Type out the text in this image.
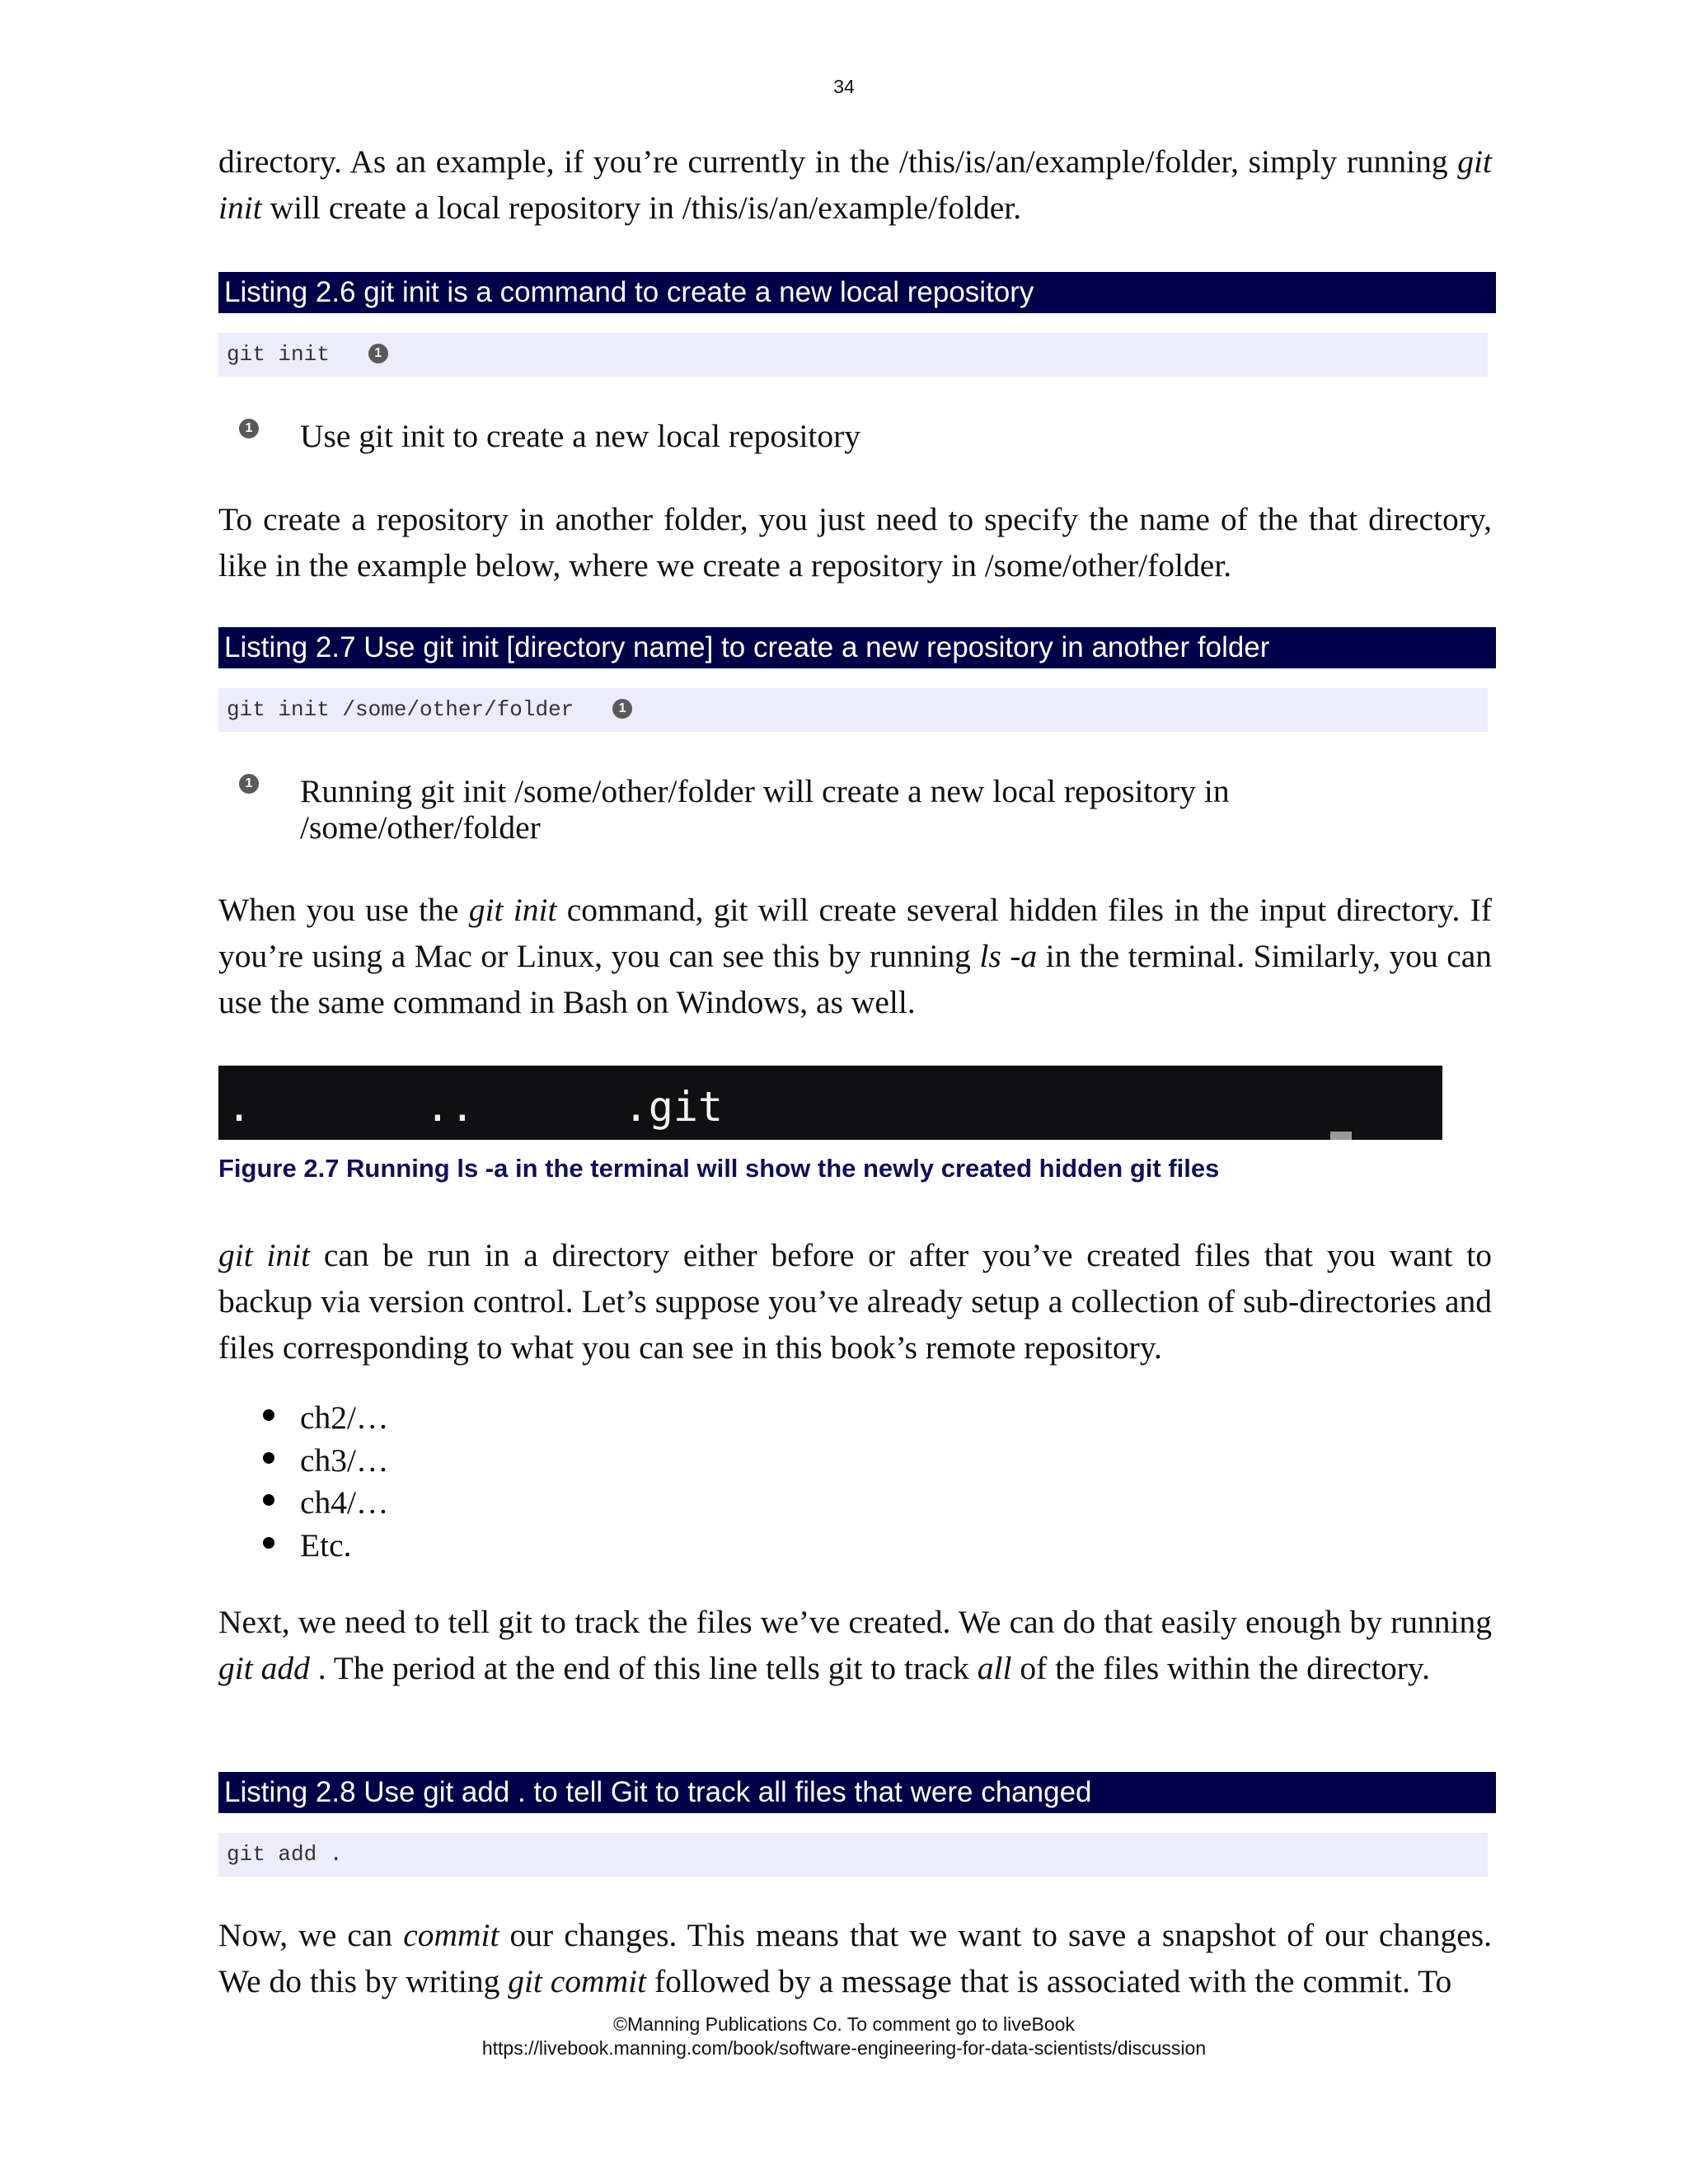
34

directory. As an example, if you’re currently in the /this/is/an/example/folder, simply running git init will create a local repository in /this/is/an/example/folder.

Listing 2.6 git init is a command to create a new local repository
git init	1
1 Use git init to create a new local repository

To create a repository in another folder, you just need to specify the name of the that directory, like in the example below, where we create a repository in /some/other/folder.

Listing 2.7 Use git init [directory name] to create a new repository in another folder
git init /some/other/folder	1
1 Running git init /some/other/folder will create a new local repository in
/some/other/folder

When you use the git init command, git will create several hidden files in the input directory. If you’re using a Mac or Linux, you can see this by running ls -a in the terminal. Similarly, you can use the same command in Bash on Windows, as well.

.       ..      .git

Figure 2.7 Running ls -a in the terminal will show the newly created hidden git files

git init can be run in a directory either before or after you’ve created files that you want to backup via version control. Let’s suppose you’ve already setup a collection of sub-directories and files corresponding to what you can see in this book’s remote repository.

ch2/…
ch3/…
ch4/…
Etc.

Next, we need to tell git to track the files we’ve created. We can do that easily enough by running git add . The period at the end of this line tells git to track all of the files within the directory.

Listing 2.8 Use git add . to tell Git to track all files that were changed
git add .

Now, we can commit our changes. This means that we want to save a snapshot of our changes. We do this by writing git commit followed by a message that is associated with the commit. To

©Manning Publications Co. To comment go to liveBook
https://livebook.manning.com/book/software-engineering-for-data-scientists/discussion
